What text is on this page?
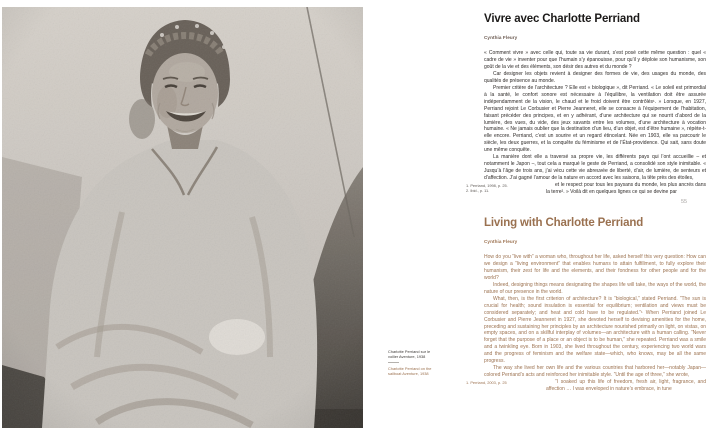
Vivre avec Charlotte Perriand
Cynthia Fleury

« Comment vivre » avec celle qui, toute sa vie durant, s’est posé cette même question : quel « cadre de vie » inventer pour que l’humain s’y épanouisse, pour qu’il y déploie son humanisme, son goût de la vie et des éléments, son désir des autres et du monde ?

Car designer les objets revient à designer des formes de vie, des usages du monde, des qualités de présence au monde.

Premier critère de l’architecture ? Elle est « biologique », dit Perriand. « Le soleil est primordial à la santé, le confort sonore est nécessaire à l’équilibre, la ventilation doit être assurée indépendamment de la vision, le chaud et le froid doivent être contrôlés¹. » Lorsque, en 1927, Perriand rejoint Le Corbusier et Pierre Jeanneret, elle se consacre à l’équipement de l’habitation, faisant précéder des principes, et en y adhérant, d’une architecture qui se nourrit d’abord de la lumière, des vues, du vide, des jeux savants entre les volumes, d’une architecture à vocation humaine. « Ne jamais oublier que la destination d’un lieu, d’un objet, est d’être humaine », répète-t-elle encore. Perriand, c’est un sourire et un regard étincelant. Née en 1903, elle va parcourir le siècle, les deux guerres, et la conquête du féminisme et de l’État-providence. Qui sait, sans doute une même conquête.

La manière dont elle a traversé sa propre vie, les différents pays qui l’ont accueillie – et notamment le Japon –, tout cela a marqué le geste de Perriand, a consolidé son style inimitable. « Jusqu’à l’âge de trois ans, j’ai vécu cette vie abreuvée de liberté, d’air, de lumière, de senteurs et d’affection. J’ai gagné l’amour de la nature en accord avec les saisons, la tête près des étoiles,

1. Perriand, 1998, p. 25.
2. Ibid., p. 11.

et le respect pour tous les paysans du monde, les plus ancrés dans la terre². » Voilà dit en quelques lignes ce qui se devine par

55
Living with Charlotte Perriand
Cynthia Fleury

How do you “live with” a woman who, throughout her life, asked herself this very question: How can we design a “living environment” that enables humans to attain fulfillment, to fully explore their humanism, their zest for life and the elements, and their fondness for other people and for the world?

Indeed, designing things means designating the shapes life will take, the ways of the world, the nature of our presence in the world.

What, then, is the first criterion of architecture? It is “biological,” stated Perriand. “The sun is crucial for health; sound insulation is essential for equilibrium; ventilation and views must be considered separately; and heat and cold have to be regulated.”¹ When Perriand joined Le Corbusier and Pierre Jeanneret in 1927, she devoted herself to devising amenities for the home, preceding and sustaining her principles by an architecture nourished primarily on light, on vistas, on empty spaces, and on a skillful interplay of volumes—an architecture with a human calling. “Never forget that the purpose of a place or an object is to be human,” she repeated. Perriand was a smile and a twinkling eye. Born in 1903, she lived throughout the century, experiencing two world wars and the progress of feminism and the welfare state—which, who knows, may be all the same progress.

The way she lived her own life and the various countries that harbored her—notably Japan—colored Perriand’s acts and reinforced her inimitable style. “Until the age of three,” she wrote,

1. Perriand, 2003, p. 25	“I soaked up this life of freedom, fresh air, light, fragrance, and affection … I was enveloped in nature’s embrace, in tune

Charlotte Perriand sur le voilier Aventure, 1938
Charlotte Perriand on the sailboat Aventure, 1938
